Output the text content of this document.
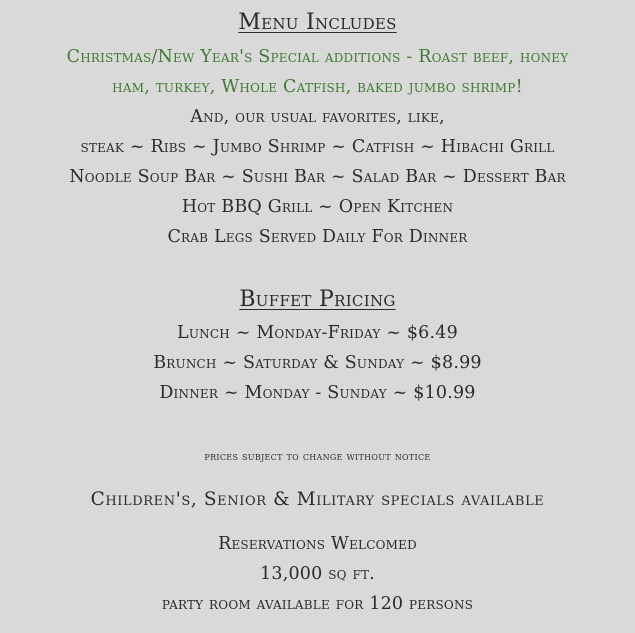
Menu Includes
Christmas/New Year's Special additions - Roast beef, honey
ham, turkey, Whole Catfish, baked jumbo shrimp!
And, our usual favorites, like,
steak ~ Ribs ~ Jumbo Shrimp ~ Catfish ~ Hibachi Grill
Noodle Soup Bar ~ Sushi Bar ~ Salad Bar ~ Dessert Bar
Hot BBQ Grill ~ Open Kitchen
Crab Legs Served Daily For Dinner
Buffet Pricing
Lunch ~ Monday-Friday ~ $6.49
Brunch ~ Saturday & Sunday ~ $8.99
Dinner ~ Monday - Sunday ~ $10.99
prices subject to change without notice
Children's, Senior & Military specials available
Reservations Welcomed
13,000 sq ft.
party room available for 120 persons
